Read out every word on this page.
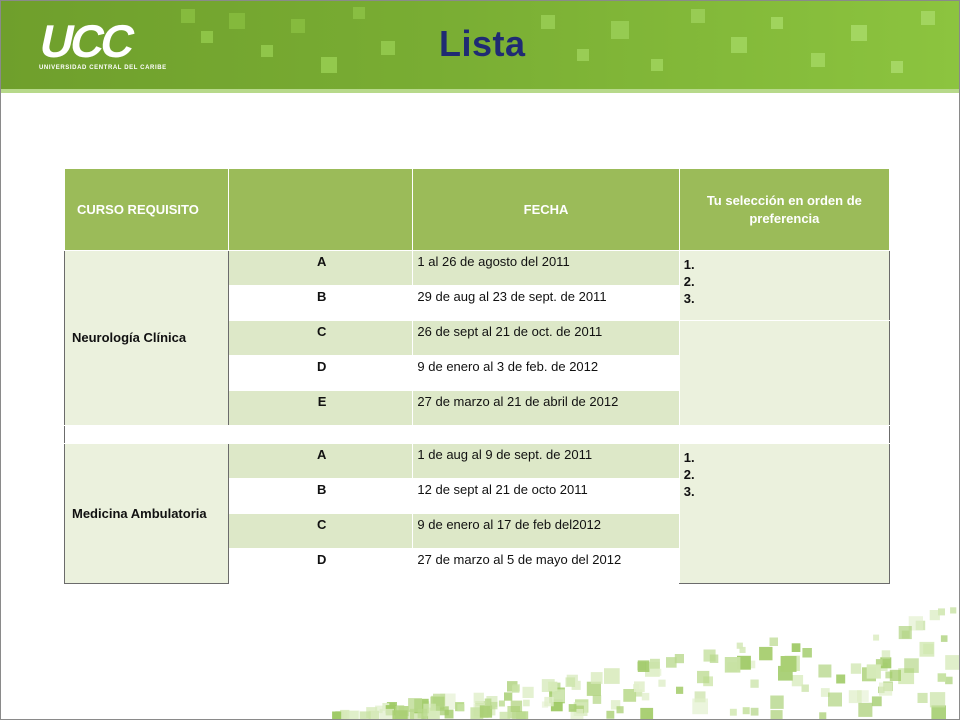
UCC
UNIVERSIDAD CENTRAL DEL CARIBE
Lista
CURSO REQUISITO		FECHA	Tu selección en orden de preferencia
Neurología Clínica	A	1 al 26 de agosto del 2011	1.
2.
3.

	B	29 de aug al 23 de sept. de 2011	
	C	26 de sept al 21 de oct. de 2011	
	D	9 de enero al 3 de feb. de 2012	
	E	27 de marzo al 21 de abril de 2012	

Medicina Ambulatoria	A	1 de aug al 9 de sept. de 2011	1.
2.
3.

	B	12 de sept al 21 de octo 2011	
	C	9 de enero al 17 de feb del2012	
	D	27 de marzo al 5 de mayo del 2012	
